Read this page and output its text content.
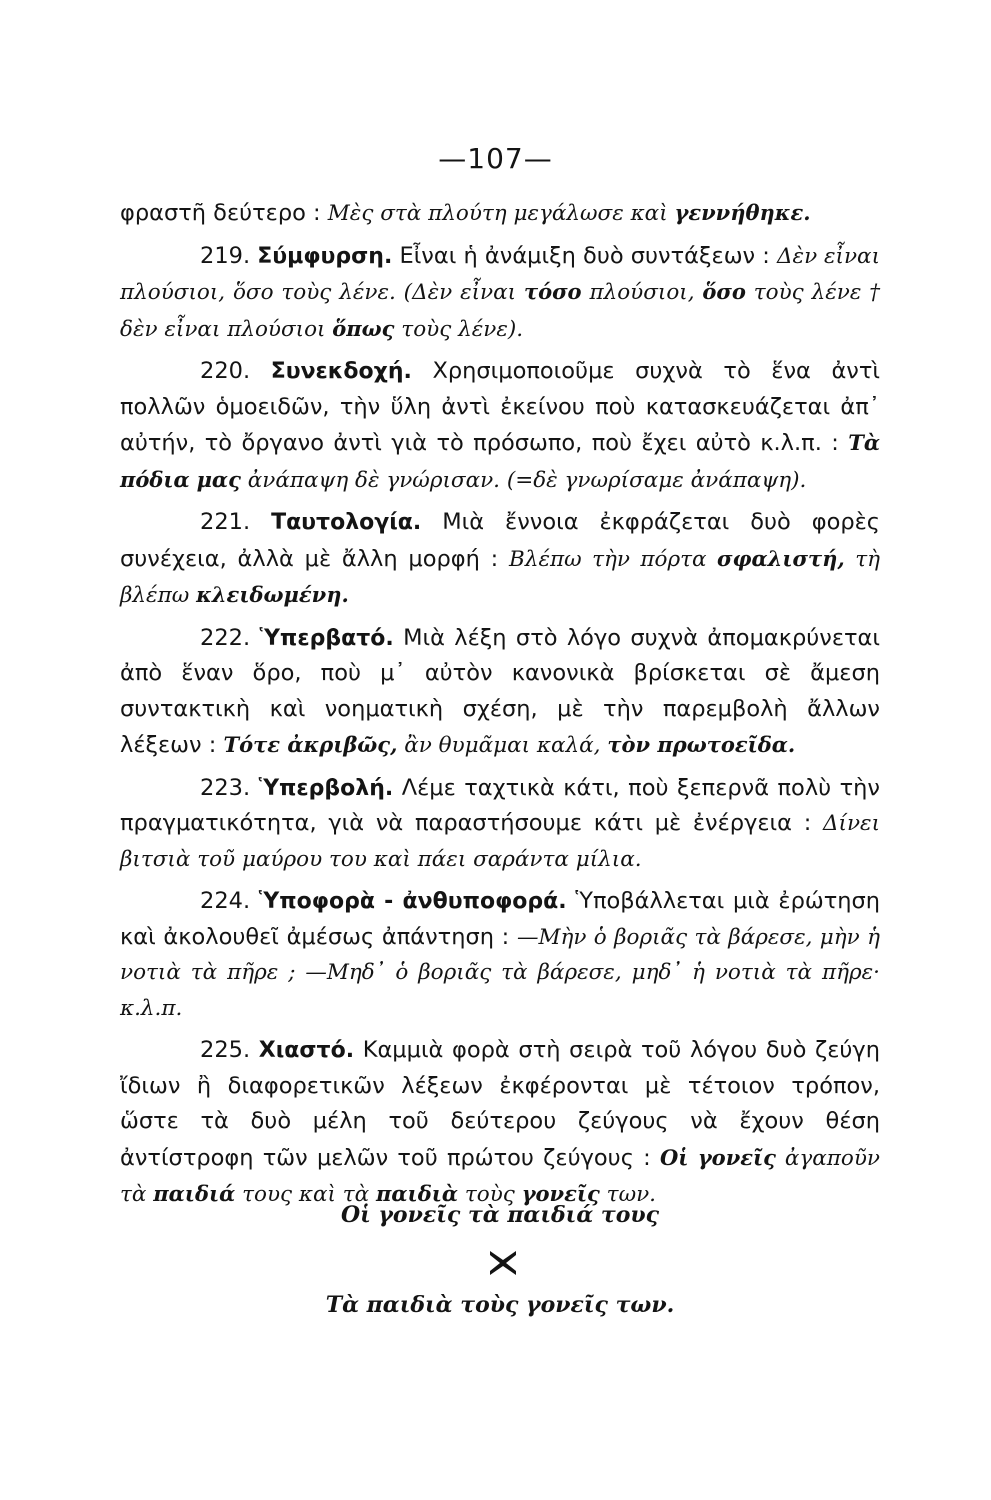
—107—

φραστῆ δεύτερο : Μὲς στὰ πλούτη μεγάλωσε καὶ γεννήθηκε.

219. Σύμφυρση. Εἶναι ἡ ἀνάμιξη δυὸ συντάξεων : Δὲν εἶναι πλούσιοι, ὅσο τοὺς λένε. (Δὲν εἶναι τόσο πλούσιοι, ὅσο τοὺς λένε † δὲν εἶναι πλούσιοι ὅπως τοὺς λένε).

220. Συνεκδοχή. Χρησιμοποιοῦμε συχνὰ τὸ ἕνα ἀντὶ πολλῶν ὁμοειδῶν, τὴν ὕλη ἀντὶ ἐκείνου ποὺ κατασκευάζεται ἀπ᾽ αὐτήν, τὸ ὄργανο ἀντὶ γιὰ τὸ πρόσωπο, ποὺ ἔχει αὐτὸ κ.λ.π. : Τὰ πόδια μας ἀνάπαψη δὲ γνώρισαν. (=δὲ γνωρίσαμε ἀνάπαψη).

221. Ταυτολογία. Μιὰ ἔννοια ἐκφράζεται δυὸ φορὲς συνέχεια, ἀλλὰ μὲ ἄλλη μορφή : Βλέπω τὴν πόρτα σφαλιστή, τὴ βλέπω κλειδωμένη.

222. Ὑπερβατό. Μιὰ λέξη στὸ λόγο συχνὰ ἀπομακρύνεται ἀπὸ ἕναν ὅρο, ποὺ μ᾽ αὐτὸν κανονικὰ βρίσκεται σὲ ἄμεση συντακτικὴ καὶ νοηματικὴ σχέση, μὲ τὴν παρεμβολὴ ἄλλων λέξεων : Τότε ἀκριβῶς, ἂν θυμᾶμαι καλά, τὸν πρωτοεῖδα.

223. Ὑπερβολή. Λέμε ταχτικὰ κάτι, ποὺ ξεπερνᾶ πολὺ τὴν πραγματικότητα, γιὰ νὰ παραστήσουμε κάτι μὲ ἐνέργεια : Δίνει βιτσιὰ τοῦ μαύρου του καὶ πάει σαράντα μίλια.

224. Ὑποφορὰ - ἀνθυποφορά. Ὑποβάλλεται μιὰ ἐρώτηση καὶ ἀκολουθεῖ ἀμέσως ἀπάντηση : —Μὴν ὁ βοριᾶς τὰ βάρεσε, μὴν ἡ νοτιὰ τὰ πῆρε ; —Μηδ᾽ ὁ βοριᾶς τὰ βάρεσε, μηδ᾽ ἡ νοτιὰ τὰ πῆρε· κ.λ.π.

225. Χιαστό. Καμμιὰ φορὰ στὴ σειρὰ τοῦ λόγου δυὸ ζεύγη ἴδιων ἢ διαφορετικῶν λέξεων ἐκφέρονται μὲ τέτοιον τρόπον, ὥστε τὰ δυὸ μέλη τοῦ δεύτερου ζεύγους νὰ ἔχουν θέση ἀντίστροφη τῶν μελῶν τοῦ πρώτου ζεύγους : Οἱ γονεῖς ἀγαποῦν τὰ παιδιά τους καὶ τὰ παιδιὰ τοὺς γονεῖς των.

Οἱ γονεῖς τὰ παιδιά τους
Τὰ παιδιὰ τοὺς γονεῖς των.
